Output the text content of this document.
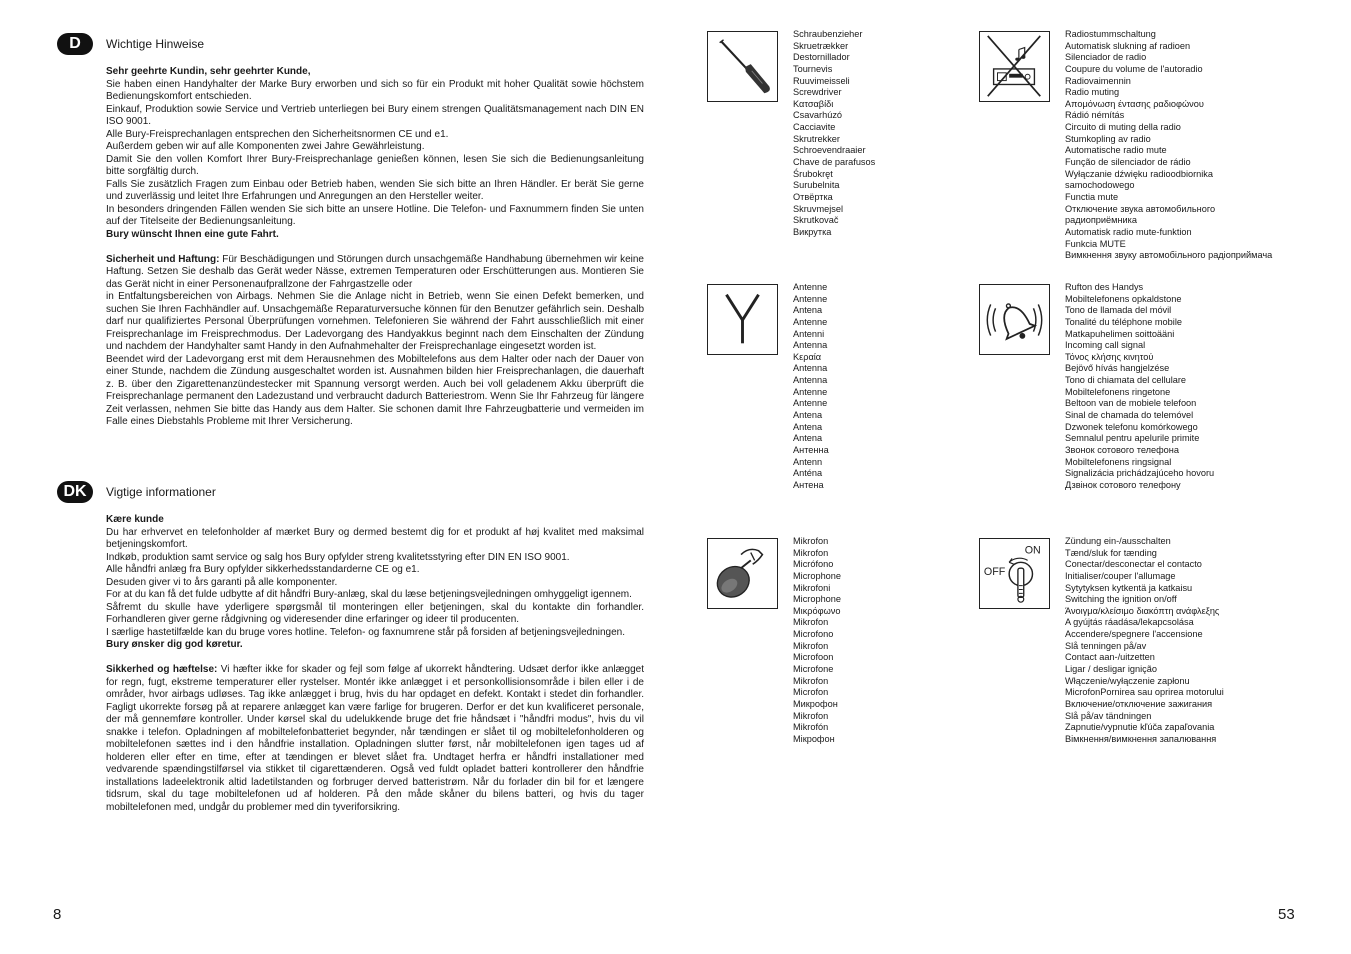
D	Wichtige Hinweise

Sehr geehrte Kundin, sehr geehrter Kunde,

Sie haben einen Handyhalter der Marke Bury erworben und sich so für ein Produkt mit hoher Qualität sowie höchstem Bedienungskomfort entschieden.

Einkauf, Produktion sowie Service und Vertrieb unterliegen bei Bury einem strengen Qualitätsmanagement nach DIN EN ISO 9001.

Alle Bury-Freisprechanlagen entsprechen den Sicherheitsnormen CE und e1.

Außerdem geben wir auf alle Komponenten zwei Jahre Gewährleistung.

Damit Sie den vollen Komfort Ihrer Bury-Freisprechanlage genießen können, lesen Sie sich die Bedienungsanleitung bitte sorgfältig durch.

Falls Sie zusätzlich Fragen zum Einbau oder Betrieb haben, wenden Sie sich bitte an Ihren Händler. Er berät Sie gerne und zuverlässig und leitet Ihre Erfahrungen und Anregungen an den Hersteller weiter.

In besonders dringenden Fällen wenden Sie sich bitte an unsere Hotline. Die Telefon- und Faxnummern finden Sie unten auf der Titelseite der Bedienungsanleitung.

Bury wünscht Ihnen eine gute Fahrt.

Sicherheit und Haftung: Für Beschädigungen und Störungen durch unsachgemäße Handhabung übernehmen wir keine Haftung. Setzen Sie deshalb das Gerät weder Nässe, extremen Temperaturen oder Erschütterungen aus. Montieren Sie das Gerät nicht in einer Personenaufprallzone der Fahrgastzelle oder

in Entfaltungsbereichen von Airbags. Nehmen Sie die Anlage nicht in Betrieb, wenn Sie einen Defekt bemerken, und suchen Sie Ihren Fachhändler auf. Unsachgemäße Reparaturversuche können für den Benutzer gefährlich sein. Deshalb darf nur qualifiziertes Personal Überprüfungen vornehmen. Telefonieren Sie während der Fahrt ausschließlich mit einer Freisprechanlage im Freisprechmodus. Der Ladevorgang des Handyakkus beginnt nach dem Einschalten der Zündung und nachdem der Handyhalter samt Handy in den Aufnahmehalter der Freisprechanlage eingesetzt worden ist.

Beendet wird der Ladevorgang erst mit dem Herausnehmen des Mobiltelefons aus dem Halter oder nach der Dauer von einer Stunde, nachdem die Zündung ausgeschaltet worden ist. Ausnahmen bilden hier Freisprechanlagen, die dauerhaft z. B. über den Zigarettenanzündestecker mit Spannung versorgt werden. Auch bei voll geladenem Akku überprüft die Freisprechanlage permanent den Ladezustand und verbraucht dadurch Batteriestrom. Wenn Sie Ihr Fahrzeug für längere Zeit verlassen, nehmen Sie bitte das Handy aus dem Halter. Sie schonen damit Ihre Fahrzeugbatterie und vermeiden im Falle eines Diebstahls Probleme mit Ihrer Versicherung.

DK	Vigtige informationer

Kære kunde

Du har erhvervet en telefonholder af mærket Bury og dermed bestemt dig for et produkt af høj kvalitet med maksimal betjeningskomfort.

Indkøb, produktion samt service og salg hos Bury opfylder streng kvalitetsstyring efter DIN EN ISO 9001.

Alle håndfri anlæg fra Bury opfylder sikkerhedsstandarderne CE og e1.

Desuden giver vi to års garanti på alle komponenter.

For at du kan få det fulde udbytte af dit håndfri Bury-anlæg, skal du læse betjeningsvejledningen omhyggeligt igennem.

Såfremt du skulle have yderligere spørgsmål til monteringen eller betjeningen, skal du kontakte din forhandler. Forhandleren giver gerne rådgivning og videresender dine erfaringer og ideer til producenten.

I særlige hastetilfælde kan du bruge vores hotline. Telefon- og faxnumrene står på forsiden af betjeningsvejledningen.

Bury ønsker dig god køretur.

Sikkerhed og hæftelse: Vi hæfter ikke for skader og fejl som følge af ukorrekt håndtering. Udsæt derfor ikke anlægget for regn, fugt, ekstreme temperaturer eller rystelser. Montér ikke anlægget i et personkollisionsområde i bilen eller i de områder, hvor airbags udløses. Tag ikke anlægget i brug, hvis du har opdaget en defekt. Kontakt i stedet din forhandler. Fagligt ukorrekte forsøg på at reparere anlægget kan være farlige for brugeren. Derfor er det kun kvalificeret personale, der må gennemføre kontroller. Under kørsel skal du udelukkende bruge det frie håndsæt i "håndfri modus", hvis du vil snakke i telefon. Opladningen af mobiltelefonbatteriet begynder, når tændingen er slået til og mobiltelefonholderen og mobiltelefonen sættes ind i den håndfrie installation. Opladningen slutter først, når mobiltelefonen igen tages ud af holderen eller efter en time, efter at tændingen er blevet slået fra. Undtaget herfra er håndfri installationer med vedvarende spændingstilførsel via stikket til cigarettænderen. Også ved fuldt opladet batteri kontrollerer den håndfrie installations ladeelektronik altid ladetilstanden og forbruger derved batteristrøm. Når du forlader din bil for et længere tidsrum, skal du tage mobiltelefonen ud af holderen. På den måde skåner du bilens batteri, og hvis du tager mobiltelefonen med, undgår du problemer med din tyveriforsikring.

8
Schraubenzieher
Skruetrækker
Destornillador
Tournevis
Ruuvimeisseli
Screwdriver
Κατσαβίδι
Csavarhúzó
Cacciavite
Skrutrekker
Schroevendraaier
Chave de parafusos
Śrubokręt
Surubelnita
Отвёртка
Skruvmejsel
Skrutkovač
Викрутка
Radiostummschaltung
Automatisk slukning af radioen
Silenciador de radio
Coupure du volume de l'autoradio
Radiovaimennin
Radio muting
Απομόνωση έντασης ραδιοφώνου
Rádió némítás
Circuito di muting della radio
Stumkopling av radio
Automatische radio mute
Função de silenciador de rádio
Wyłączanie dźwięku radioodbiornika
samochodowego
Functia mute
Отключение звука автомобильного
радиоприёмника
Automatisk radio mute-funktion
Funkcia MUTE
Вимкнення звуку автомобільного радіоприймача
Antenne
Antenne
Antena
Antenne
Antenni
Antenna
Κεραία
Antenna
Antenna
Antenne
Antenne
Antena
Antena
Antena
Антенна
Antenn
Anténa
Антена
Rufton des Handys
Mobiltelefonens opkaldstone
Tono de llamada del móvil
Tonalité du téléphone mobile
Matkapuhelimen soittoääni
Incoming call signal
Τόνος κλήσης κινητού
Bejövő hívás hangjelzése
Tono di chiamata del cellulare
Mobiltelefonens ringetone
Beltoon van de mobiele telefoon
Sinal de chamada do telemóvel
Dzwonek telefonu komórkowego
Semnalul pentru apelurile primite
Звонок сотового телефона
Mobiltelefonens ringsignal
Signalizácia prichádzajúceho hovoru
Дзвінок сотового телефону
Mikrofon
Mikrofon
Micrófono
Microphone
Mikrofoni
Microphone
Μικρόφωνο
Mikrofon
Microfono
Mikrofon
Microfoon
Microfone
Mikrofon
Microfon
Микрофон
Mikrofon
Mikrofón
Мікрофон
ON
OFF
Zündung ein-/ausschalten
Tænd/sluk for tænding
Conectar/desconectar el contacto
Initialiser/couper l'allumage
Sytytyksen kytkentä ja katkaisu
Switching the ignition on/off
Άνοιγμα/κλείσιμο διακόπτη ανάφλεξης
A gyújtás ráadása/lekapcsolása
Accendere/spegnere l'accensione
Slå tenningen på/av
Contact aan-/uitzetten
Ligar / desligar ignição
Włączenie/wyłączenie zapłonu
MicrofonPornirea sau oprirea motorului
Включение/отключение зажигания
Slå på/av tändningen
Zapnutie/vypnutie kľúča zapaľovania
Вімкнення/вимкнення запалювання
53
